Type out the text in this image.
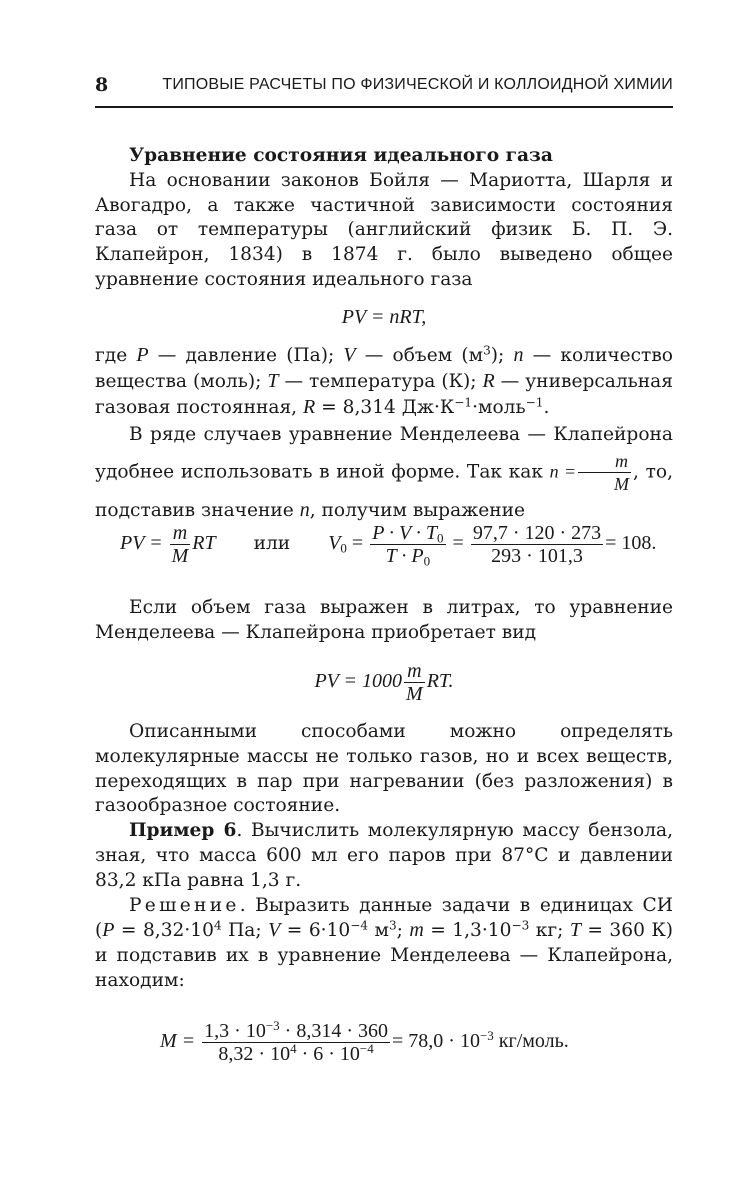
8	ТИПОВЫЕ РАСЧЕТЫ ПО ФИЗИЧЕСКОЙ И КОЛЛОИДНОЙ ХИМИИ

Уравнение состояния идеального газа

На основании законов Бойля — Мариотта, Шарля и Авогадро, а также частичной зависимости состояния газа от температуры (английский физик Б. П. Э. Клапейрон, 1834) в 1874 г. было выведено общее уравнение состояния идеального газа

PV = nRT,

где P — давление (Па); V — объем $(м^3)$; n — количество вещества (моль); T — температура (К); R — универсальная газовая постоянная, R = 8,314 $Дж\cdot К^{-1}\cdot моль^{-1}$.

В ряде случаев уравнение Менделеева — Клапейрона удобнее использовать в иной форме. Так как $n = \frac{m}{M}$ , то, подставив значение n, получим выражение

PV = $\frac{m}{M}$ RT или $V_0 = \frac{P \cdot V \cdot T_0}{T \cdot P_0} = \frac{97,7 \cdot 120 \cdot 273}{293 \cdot 101,3} = 108$.

Если объем газа выражен в литрах, то уравнение Менделеева — Клапейрона приобретает вид

PV = $1000 \frac{m}{M}$ RT.

Описанными способами можно определять молекулярные массы не только газов, но и всех веществ, переходящих в пар при нагревании (без разложения) в газообразное состояние.

Пример 6. Вычислить молекулярную массу бензола, зная, что масса 600 мл его паров при 87°С и давлении 83,2 кПа равна 1,3 г.

Решение. Выразить данные задачи в единицах СИ ($P = 8,32\cdot 10^4$ Па; $V = 6\cdot 10^{-4}$ $м^3$; $m = 1,3\cdot 10^{-3}$ кг; T = 360 К) и подставив их в уравнение Менделеева — Клапейрона, находим:

$M = \frac{1,3 \cdot 10^{-3} \cdot 8,314 \cdot 360}{8,32 \cdot 10^4 \cdot 6 \cdot 10^{-4}} = 78,0 \cdot 10^{-3}$ кг/моль.
